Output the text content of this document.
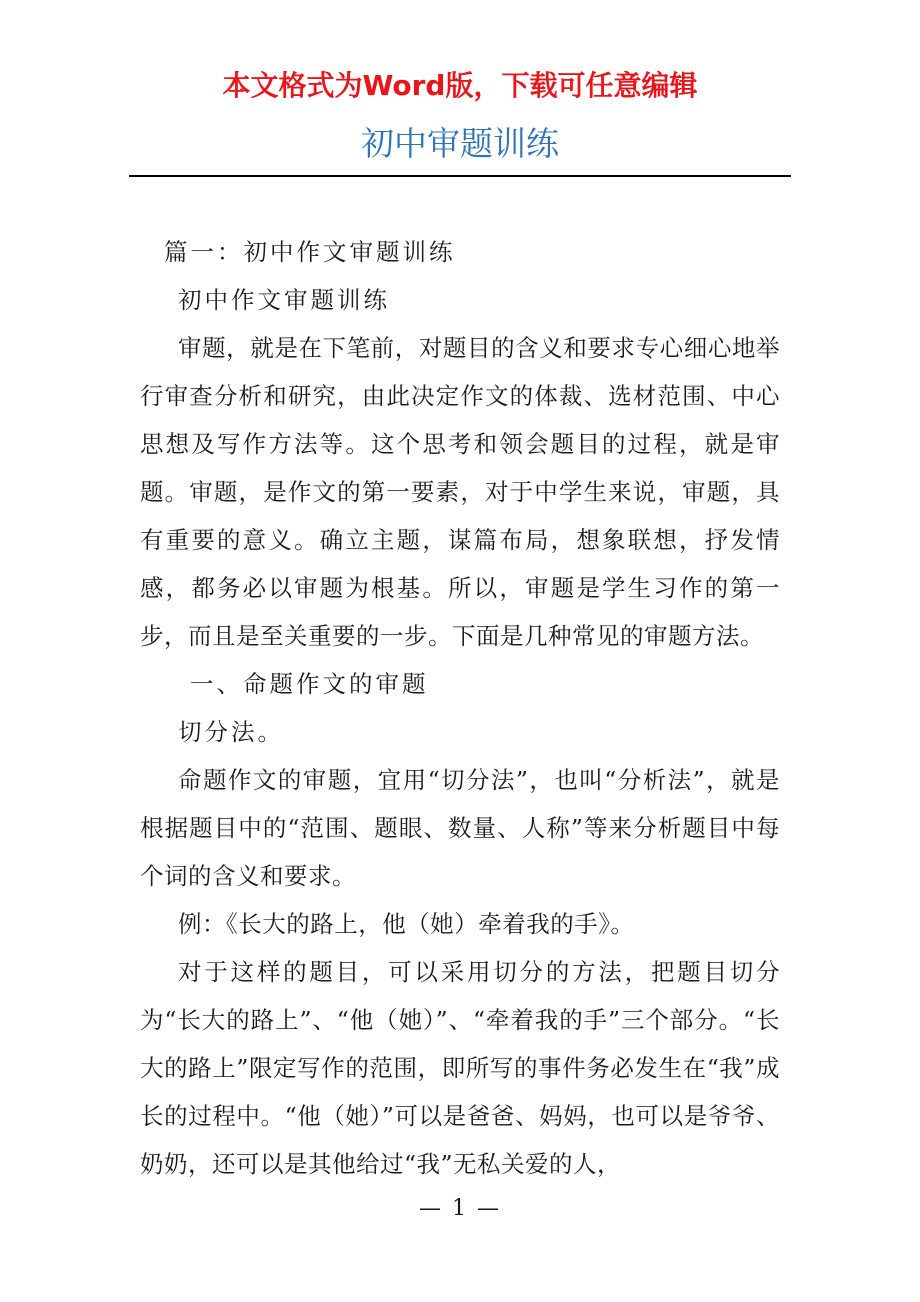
本文格式为Word版，下载可任意编辑
初中审题训练

篇一：初中作文审题训练

初中作文审题训练

审题，就是在下笔前，对题目的含义和要求专心细心地举行审查分析和研究，由此决定作文的体裁、选材范围、中心思想及写作方法等。这个思考和领会题目的过程，就是审题。审题，是作文的第一要素，对于中学生来说，审题，具有重要的意义。确立主题，谋篇布局，想象联想，抒发情感，都务必以审题为根基。所以，审题是学生习作的第一步，而且是至关重要的一步。下面是几种常见的审题方法。

一、命题作文的审题

切分法。

命题作文的审题，宜用“切分法”，也叫“分析法”，就是根据题目中的“范围、题眼、数量、人称”等来分析题目中每个词的含义和要求。

例：《长大的路上，他（她）牵着我的手》。

对于这样的题目，可以采用切分的方法，把题目切分为“长大的路上”、“他（她）”、“牵着我的手”三个部分。“长大的路上”限定写作的范围，即所写的事件务必发生在“我”成长的过程中。“他（她）”可以是爸爸、妈妈，也可以是爷爷、奶奶，还可以是其他给过“我”无私关爱的人，

— 1 —
